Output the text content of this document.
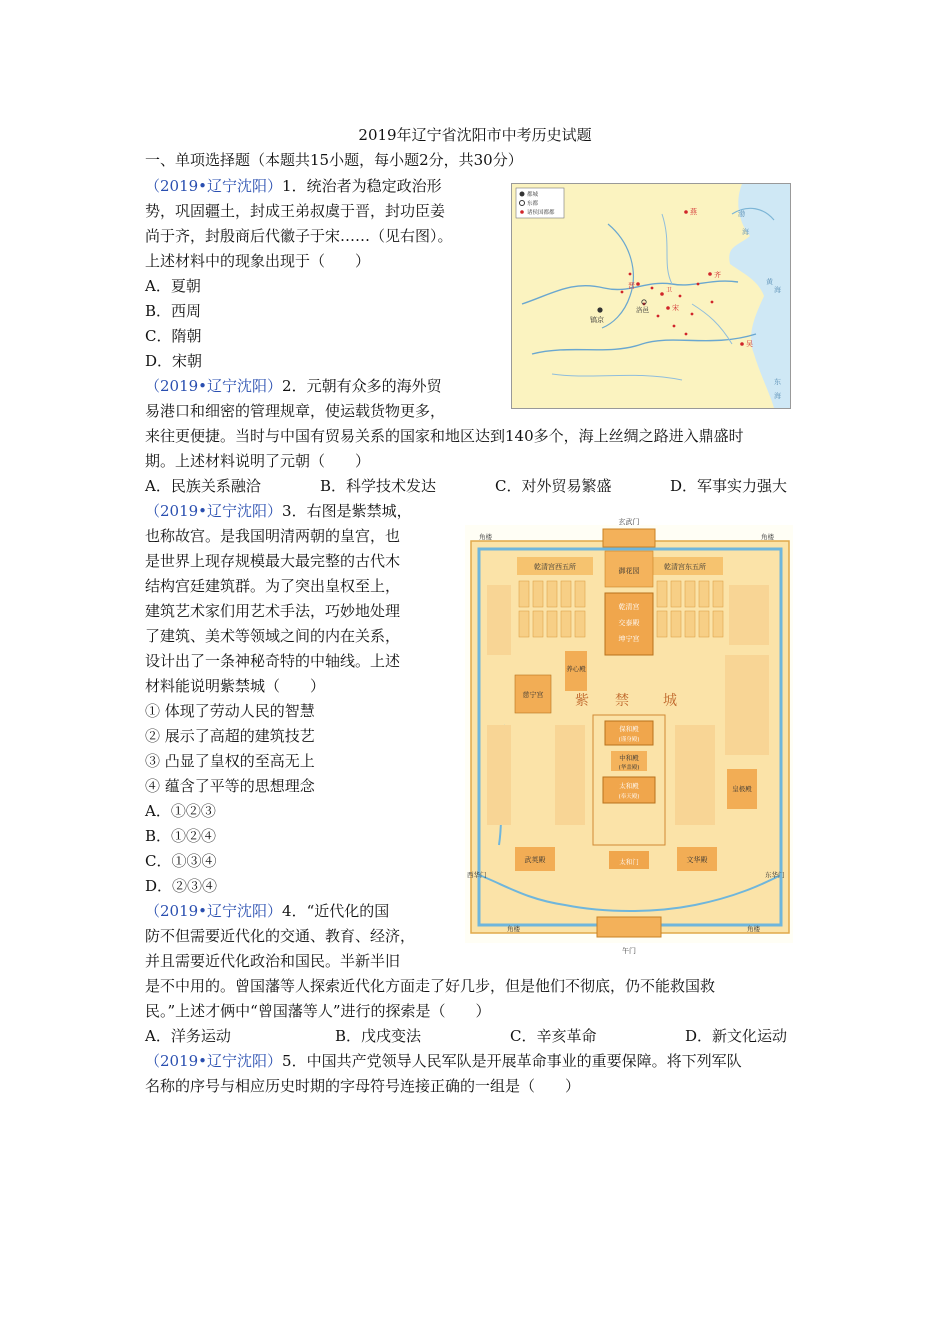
2019年辽宁省沈阳市中考历史试题
一、单项选择题（本题共15小题，每小题2分，共30分）
（2019•辽宁沈阳）1．统治者为稳定政治形
势，巩固疆土，封成王弟叔虞于晋，封功臣姜
尚于齐，封殷商后代徽子于宋……（见右图）。
上述材料中的现象出现于（　　）
A．夏朝
B．西周
C．隋朝
D．宋朝
都城
东都
诸侯国都都	燕
晋
齐
卫
宋
洛邑
镐京
渤
海
黄
海
东
海
吴
（2019•辽宁沈阳）2．元朝有众多的海外贸
易港口和细密的管理规章，使运载货物更多，
来往更便捷。当时与中国有贸易关系的国家和地区达到140多个，海上丝绸之路进入鼎盛时
期。上述材料说明了元朝（　　）
A．民族关系融洽	B．科学技术发达	C．对外贸易繁盛	D．军事实力强大
（2019•辽宁沈阳）3．右图是紫禁城，
也称故宫。是我国明清两朝的皇宫，也
是世界上现存规模最大最完整的古代木
结构宫廷建筑群。为了突出皇权至上，
建筑艺术家们用艺术手法，巧妙地处理
了建筑、美术等领域之间的内在关系，
设计出了一条神秘奇特的中轴线。上述
材料能说明紫禁城（　　）
① 体现了劳动人民的智慧
② 展示了高超的建筑技艺
③ 凸显了皇权的至高无上
④ 蕴含了平等的思想理念
A．①②③
B．①②④
C．①③④
D．②③④
玄武门
角楼	角楼
角楼	角楼
乾清宫西五所	乾清宫东五所
御花园
乾清宫
交泰殿
坤宁宫
养心殿
慈宁宫 紫 禁 城
保和殿
(谨身殿)
中和殿
(华盖殿)
太和殿
(奉天殿)
皇极殿
武英殿	文华殿
太和门
午门
西华门	东华门
（2019•辽宁沈阳）4．“近代化的国
防不但需要近代化的交通、教育、经济，
并且需要近代化政治和国民。半新半旧
是不中用的。曾国藩等人探索近代化方面走了好几步，但是他们不彻底，仍不能救国救
民。”上述才俩中“曾国藩等人”进行的探索是（　　）
A．洋务运动	B．戊戌变法	C．辛亥革命	D．新文化运动
（2019•辽宁沈阳）5．中国共产党领导人民军队是开展革命事业的重要保障。将下列军队
名称的序号与相应历史时期的字母符号连接正确的一组是（　　）
